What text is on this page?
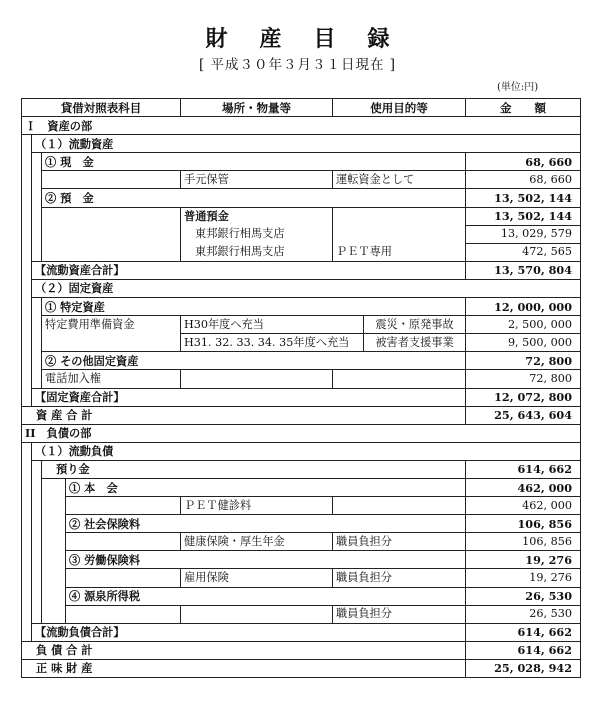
財産目録
[ 平成３０年３月３１日現在 ]
(単位:円)
貸借対照表科目						場所・物量等	使用目的等		金　　額
Ｉ　資産の部									
	（１）流動資産								
		① 現　金							68, 660
						手元保管	運転資金として		68, 660
		② 預　金							13, 502, 144
						普通預金			13, 502, 144
						東邦銀行相馬支店			13, 029, 579
						東邦銀行相馬支店	ＰＥＴ専用		472, 565
	【流動資産合計】								13, 570, 804
	（２）固定資産								
		① 特定資産							12, 000, 000
		特定費用準備資金				H30年度へ充当		震災・原発事故	2, 500, 000
						H31. 32. 33. 34. 35年度へ充当		被害者支援事業	9, 500, 000
		② その他固定資産							72, 800
		電話加入権							72, 800
	【固定資産合計】								12, 072, 800
資 産 合 計									25, 643, 604
II　負債の部									
	（１）流動負債								
		預り金							614, 662
					① 本　会				462, 000
						ＰＥＴ健診料			462, 000
					② 社会保険料				106, 856
						健康保険・厚生年金	職員負担分		106, 856
					③ 労働保険料				19, 276
						雇用保険	職員負担分		19, 276
					④ 源泉所得税				26, 530
							職員負担分		26, 530
	【流動負債合計】								614, 662
負 債 合 計									614, 662
正 味 財 産									25, 028, 942
